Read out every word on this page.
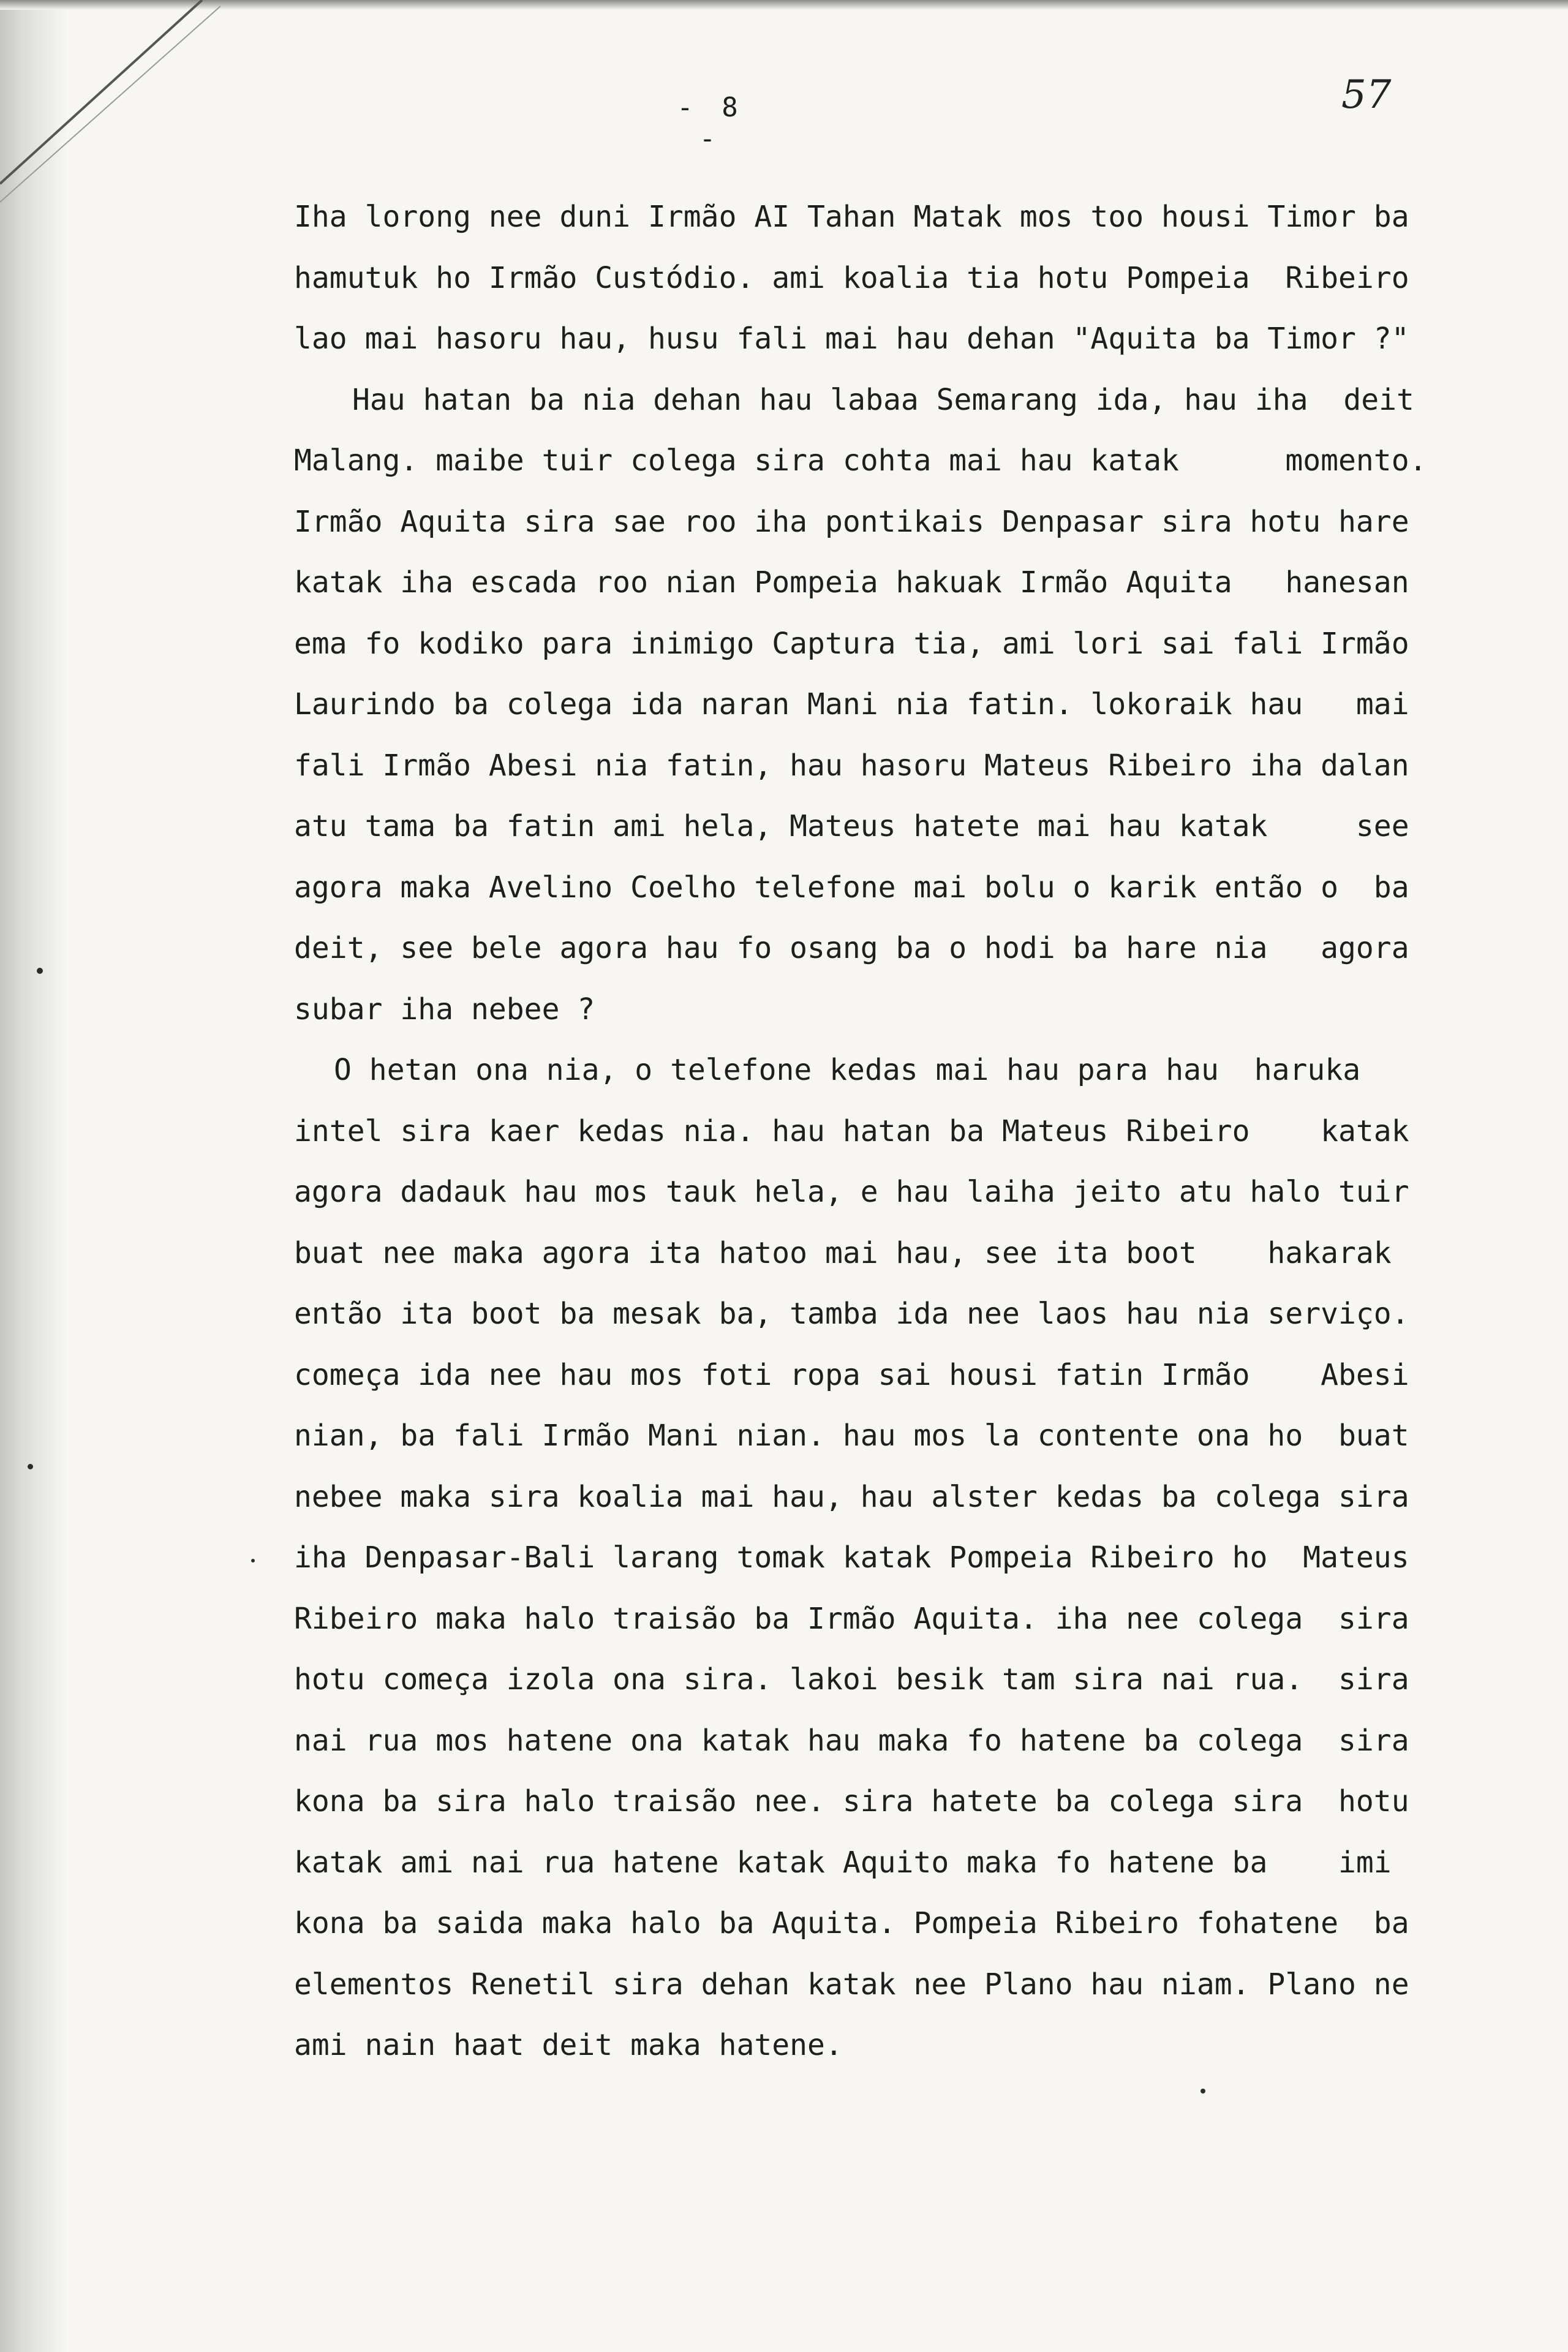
- 8 -
57
Iha lorong nee duni Irmão AI Tahan Matak mos too housi Timor ba
hamutuk ho Irmão Custódio. ami koalia tia hotu Pompeia  Ribeiro
lao mai hasoru hau, husu fali mai hau dehan "Aquita ba Timor ?"
Hau hatan ba nia dehan hau labaa Semarang ida, hau iha  deit
Malang. maibe tuir colega sira cohta mai hau katak      momento.
Irmão Aquita sira sae roo iha pontikais Denpasar sira hotu hare
katak iha escada roo nian Pompeia hakuak Irmão Aquita   hanesan
ema fo kodiko para inimigo Captura tia, ami lori sai fali Irmão
Laurindo ba colega ida naran Mani nia fatin. lokoraik hau   mai
fali Irmão Abesi nia fatin, hau hasoru Mateus Ribeiro iha dalan
atu tama ba fatin ami hela, Mateus hatete mai hau katak     see
agora maka Avelino Coelho telefone mai bolu o karik então o  ba
deit, see bele agora hau fo osang ba o hodi ba hare nia   agora
subar iha nebee ?
O hetan ona nia, o telefone kedas mai hau para hau  haruka
intel sira kaer kedas nia. hau hatan ba Mateus Ribeiro    katak
agora dadauk hau mos tauk hela, e hau laiha jeito atu halo tuir
buat nee maka agora ita hatoo mai hau, see ita boot    hakarak
então ita boot ba mesak ba, tamba ida nee laos hau nia serviço.
começa ida nee hau mos foti ropa sai housi fatin Irmão    Abesi
nian, ba fali Irmão Mani nian. hau mos la contente ona ho  buat
nebee maka sira koalia mai hau, hau alster kedas ba colega sira
iha Denpasar-Bali larang tomak katak Pompeia Ribeiro ho  Mateus
Ribeiro maka halo traisão ba Irmão Aquita. iha nee colega  sira
hotu começa izola ona sira. lakoi besik tam sira nai rua.  sira
nai rua mos hatene ona katak hau maka fo hatene ba colega  sira
kona ba sira halo traisão nee. sira hatete ba colega sira  hotu
katak ami nai rua hatene katak Aquito maka fo hatene ba    imi
kona ba saida maka halo ba Aquita. Pompeia Ribeiro fohatene  ba
elementos Renetil sira dehan katak nee Plano hau niam. Plano ne
ami nain haat deit maka hatene.
